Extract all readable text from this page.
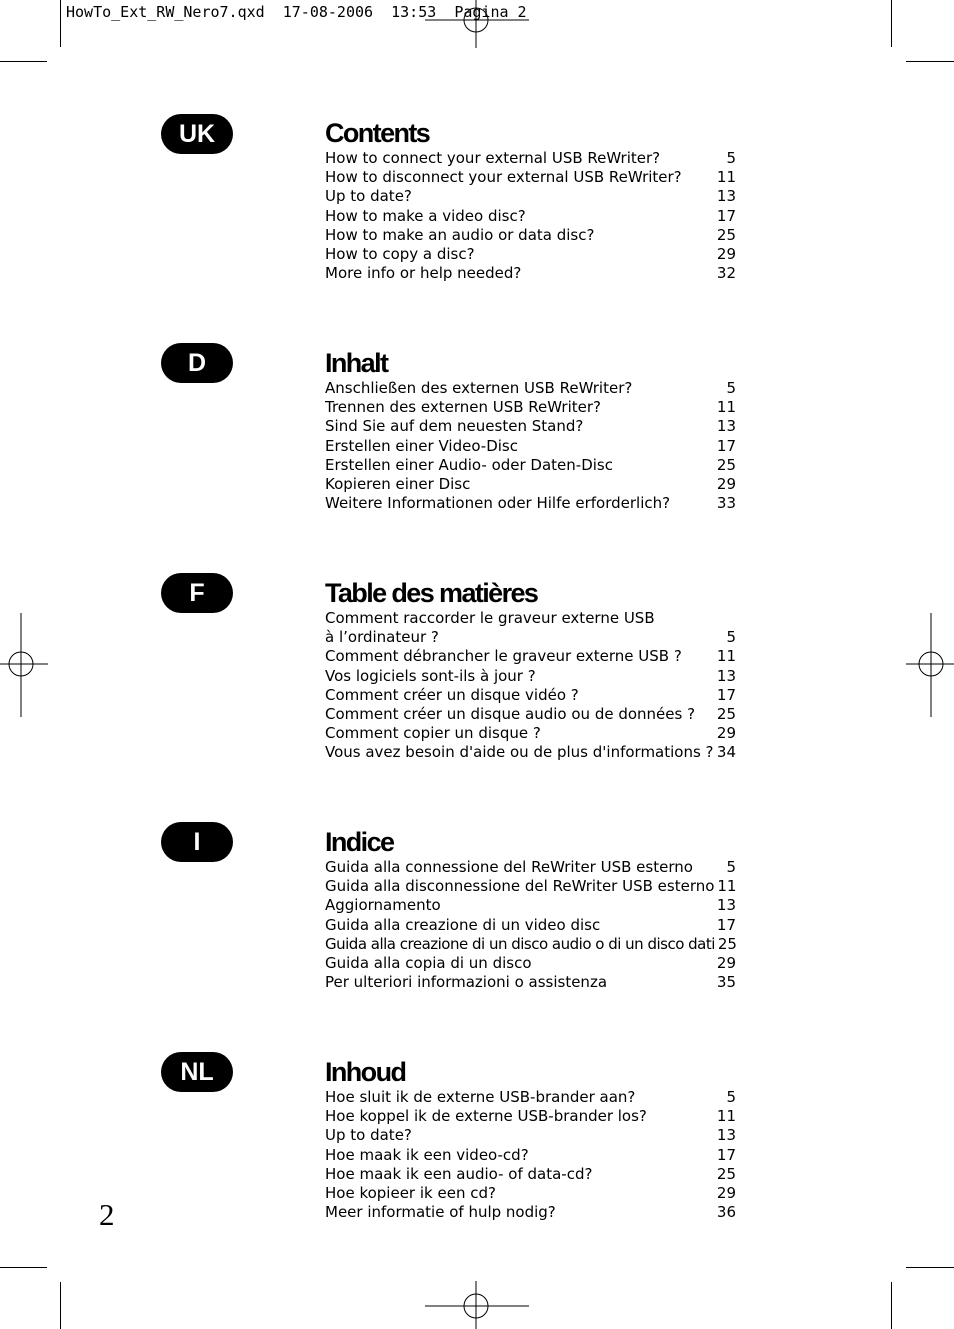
HowTo_Ext_RW_Nero7.qxd  17-08-2006  13:53  Pagina 2
UK
D
F
I
NL
Contents
How to connect your external USB ReWriter?	5
How to disconnect your external USB ReWriter? 11
Up to date?	13
How to make a video disc?	17
How to make an audio or data disc?	25
How to copy a disc?	29
More info or help needed?	32
Inhalt
Anschließen des externen USB ReWriter?	5
Trennen des externen USB ReWriter?	11
Sind Sie auf dem neuesten Stand?	13
Erstellen einer Video-Disc	17
Erstellen einer Audio- oder Daten-Disc	25
Kopieren einer Disc	29
Weitere Informationen oder Hilfe erforderlich?	33
Table des matières
Comment raccorder le graveur externe USB
à l’ordinateur ?	5
Comment débrancher le graveur externe USB ? 11
Vos logiciels sont-ils à jour ?	13
Comment créer un disque vidéo ?	17
Comment créer un disque audio ou de données ? 25
Comment copier un disque ?	29
Vous avez besoin d'aide ou de plus d'informations ? 34
Indice
Guida alla connessione del ReWriter USB esterno	5
Guida alla disconnessione del ReWriter USB esterno 11
Aggiornamento	13
Guida alla creazione di un video disc	17
Guida alla creazione di un disco audio o di un disco dati 25
Guida alla copia di un disco	29
Per ulteriori informazioni o assistenza	35
Inhoud
Hoe sluit ik de externe USB-brander aan?	5
Hoe koppel ik de externe USB-brander los?	11
Up to date?	13
Hoe maak ik een video-cd?	17
Hoe maak ik een audio- of data-cd?	25
Hoe kopieer ik een cd?	29
Meer informatie of hulp nodig?	36
2
